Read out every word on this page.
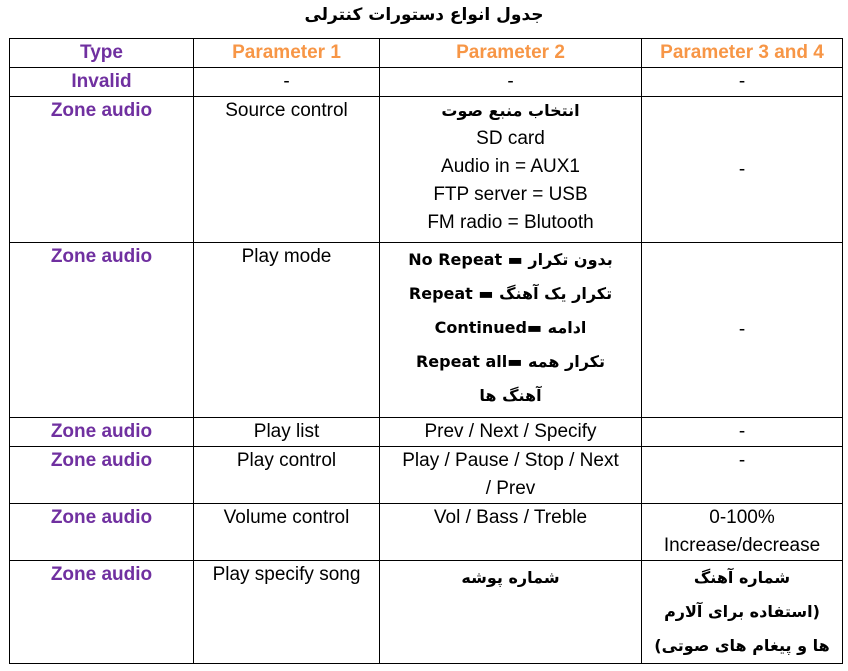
جدول انواع دستورات کنترلی
Type	Parameter 1	Parameter 2	Parameter 3 and 4
Invalid	-	-	-

Zone audio	Source control	انتخاب منبع صوت
SD card
Audio in = AUX1
FTP server = USB
FM radio = Blutooth	-

Zone audio	Play mode	No Repeat ▬ بدون تکرار
Repeat ▬ تکرار یک آهنگ
Continued▬ ادامه
Repeat all▬ تکرار همه
آهنگ ها	-

Zone audio	Play list	Prev / Next / Specify	-

Zone audio	Play control	Play / Pause / Stop / Next
/ Prev	-

Zone audio	Volume control	Vol / Bass / Treble	0-100%
Increase/decrease

Zone audio	Play specify song	شماره پوشه	شماره آهنگ
(استفاده برای آلارم
ها و پیغام های صوتی)
